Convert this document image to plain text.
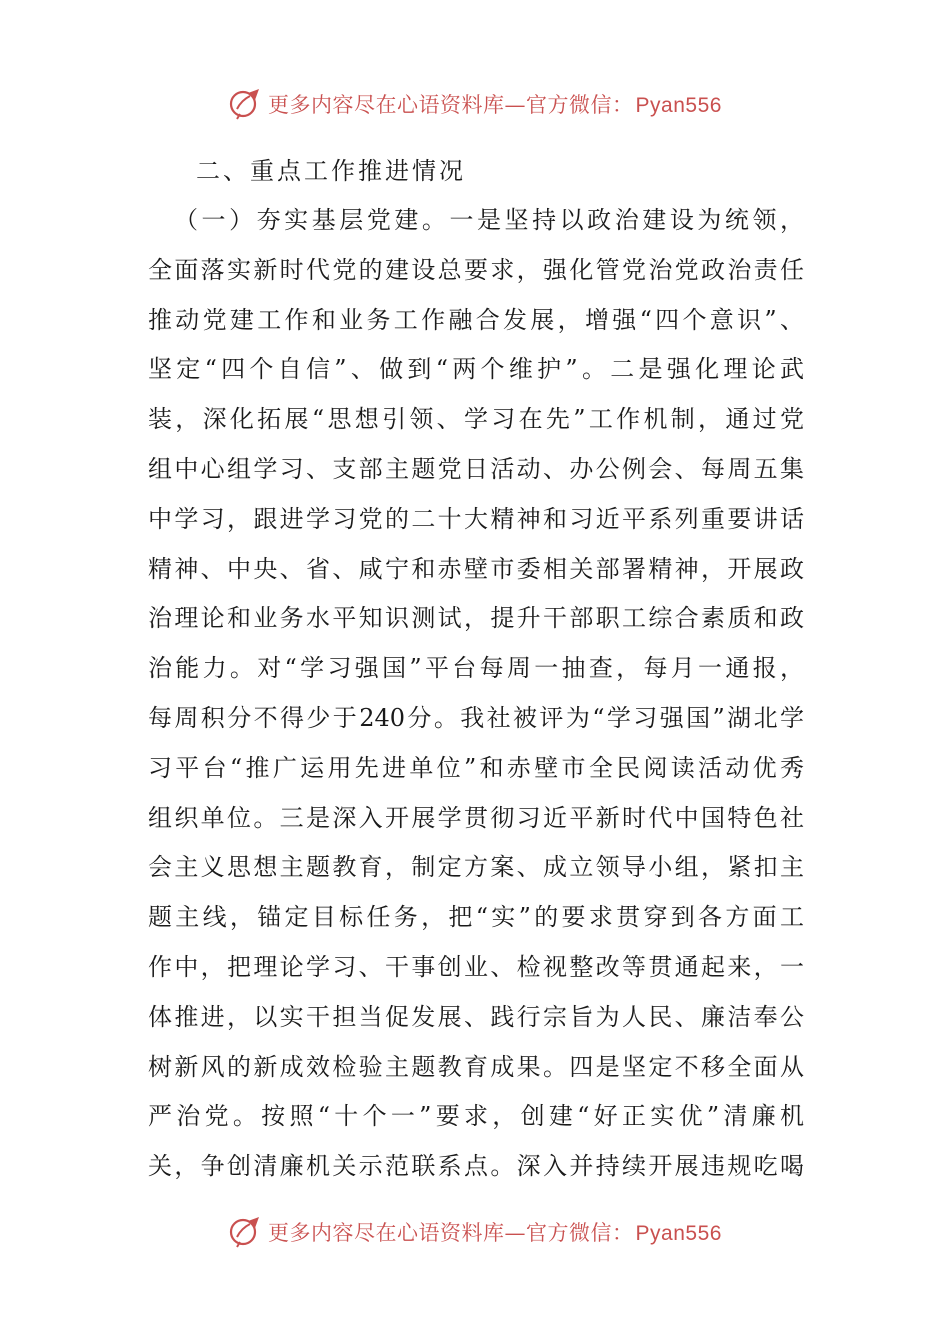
更多内容尽在心语资料库—官方微信：Pyan556
二、重点工作推进情况
（一）夯实基层党建。一是坚持以政治建设为统领，
全面落实新时代党的建设总要求，强化管党治党政治责任
推动党建工作和业务工作融合发展，增强“四个意识”、
坚定“四个自信”、做到“两个维护”。二是强化理论武
装，深化拓展“思想引领、学习在先”工作机制，通过党
组中心组学习、支部主题党日活动、办公例会、每周五集
中学习，跟进学习党的二十大精神和习近平系列重要讲话
精神、中央、省、咸宁和赤壁市委相关部署精神，开展政
治理论和业务水平知识测试，提升干部职工综合素质和政
治能力。对“学习强国”平台每周一抽查，每月一通报，
每周积分不得少于240分。我社被评为“学习强国”湖北学
习平台“推广运用先进单位”和赤壁市全民阅读活动优秀
组织单位。三是深入开展学贯彻习近平新时代中国特色社
会主义思想主题教育，制定方案、成立领导小组，紧扣主
题主线，锚定目标任务，把“实”的要求贯穿到各方面工
作中，把理论学习、干事创业、检视整改等贯通起来，一
体推进，以实干担当促发展、践行宗旨为人民、廉洁奉公
树新风的新成效检验主题教育成果。四是坚定不移全面从
严治党。按照“十个一”要求，创建“好正实优”清廉机
关，争创清廉机关示范联系点。深入并持续开展违规吃喝
更多内容尽在心语资料库—官方微信：Pyan556
